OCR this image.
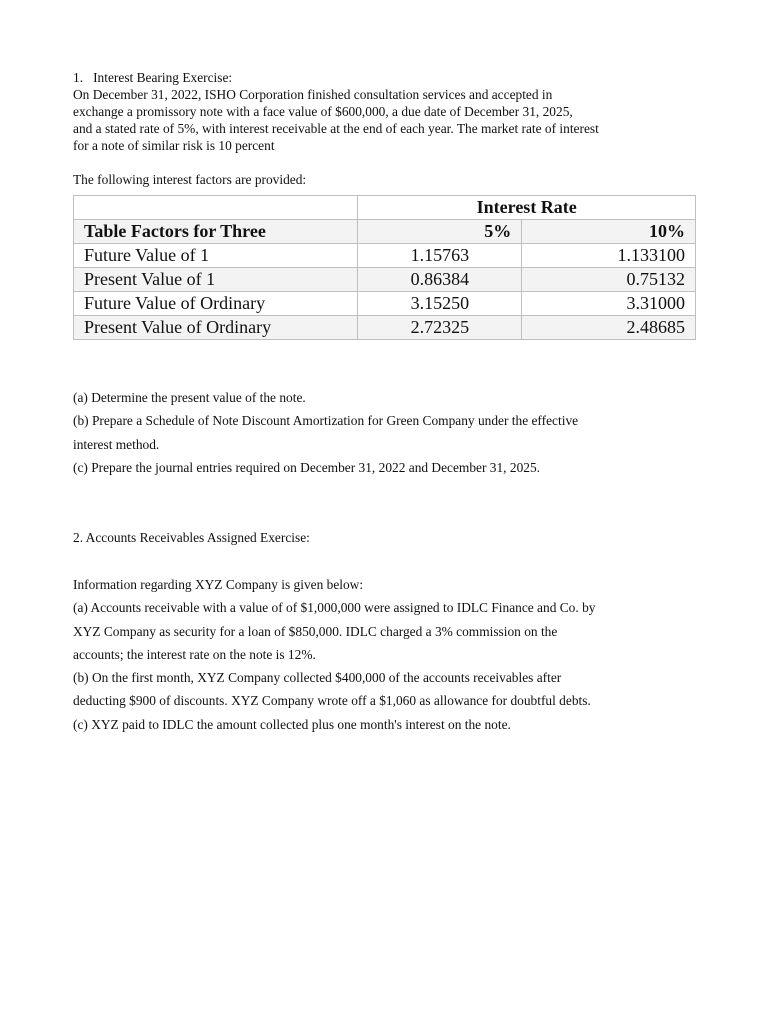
1. Interest Bearing Exercise:
On December 31, 2022, ISHO Corporation finished consultation services and accepted in
exchange a promissory note with a face value of $600,000, a due date of December 31, 2025,
and a stated rate of 5%, with interest receivable at the end of each year. The market rate of interest
for a note of similar risk is 10 percent
The following interest factors are provided:
	Interest Rate	
Table Factors for Three	5%	10%
Future Value of 1	1.15763	1.133100
Present Value of 1	0.86384	0.75132
Future Value of Ordinary	3.15250	3.31000
Present Value of Ordinary	2.72325	2.48685
(a) Determine the present value of the note.
(b) Prepare a Schedule of Note Discount Amortization for Green Company under the effective
interest method.
(c) Prepare the journal entries required on December 31, 2022 and December 31, 2025.
2. Accounts Receivables Assigned Exercise:
Information regarding XYZ Company is given below:
(a) Accounts receivable with a value of of $1,000,000 were assigned to IDLC Finance and Co. by
XYZ Company as security for a loan of $850,000. IDLC charged a 3% commission on the
accounts; the interest rate on the note is 12%.
(b) On the first month, XYZ Company collected $400,000 of the accounts receivables after
deducting $900 of discounts. XYZ Company wrote off a $1,060 as allowance for doubtful debts.
(c) XYZ paid to IDLC the amount collected plus one month's interest on the note.
